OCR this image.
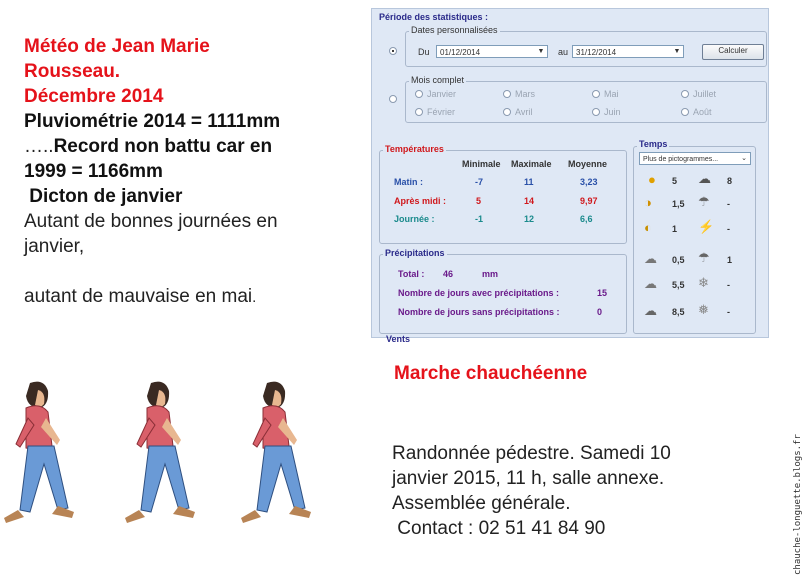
Météo de Jean Marie
Rousseau.
Décembre 2014
Pluviométrie 2014 = 1111mm
…..Record non battu car en
1999 = 1166mm
Dicton de janvier
Autant de bonnes journées en
janvier,
autant de mauvaise en mai.
Période des statistiques :
Dates personnalisées
Du	01/12/2014	▼ au 31/12/2014	▼	Calculer
Mois complet
Janvier	Mars	Mai	Juillet
Février	Avril	Juin	Août
Températures
Minimale Maximale Moyenne
Matin :	-7	11	3,23
Après midi :	5	14	9,97
Journée :	-1	12	6,6
Précipitations
Total : 46	mm
Nombre de jours avec précipitations :	15
Nombre de jours sans précipitations :	0
Vents
Temps
Plus de pictogrammes...	⌄
● 5 ☁ 8
◑ 1,5 ☂ -
◐ 1 ⚡ -
☁ 0,5 ☂ 1
☁ 5,5 ❄ -
☁ 8,5 ❅ -
Marche chauchéenne
Randonnée pédestre. Samedi 10
janvier 2015, 11 h, salle annexe.
Assemblée générale.
Contact : 02 51 41 84 90	chauche-longuette.blogs.fr
